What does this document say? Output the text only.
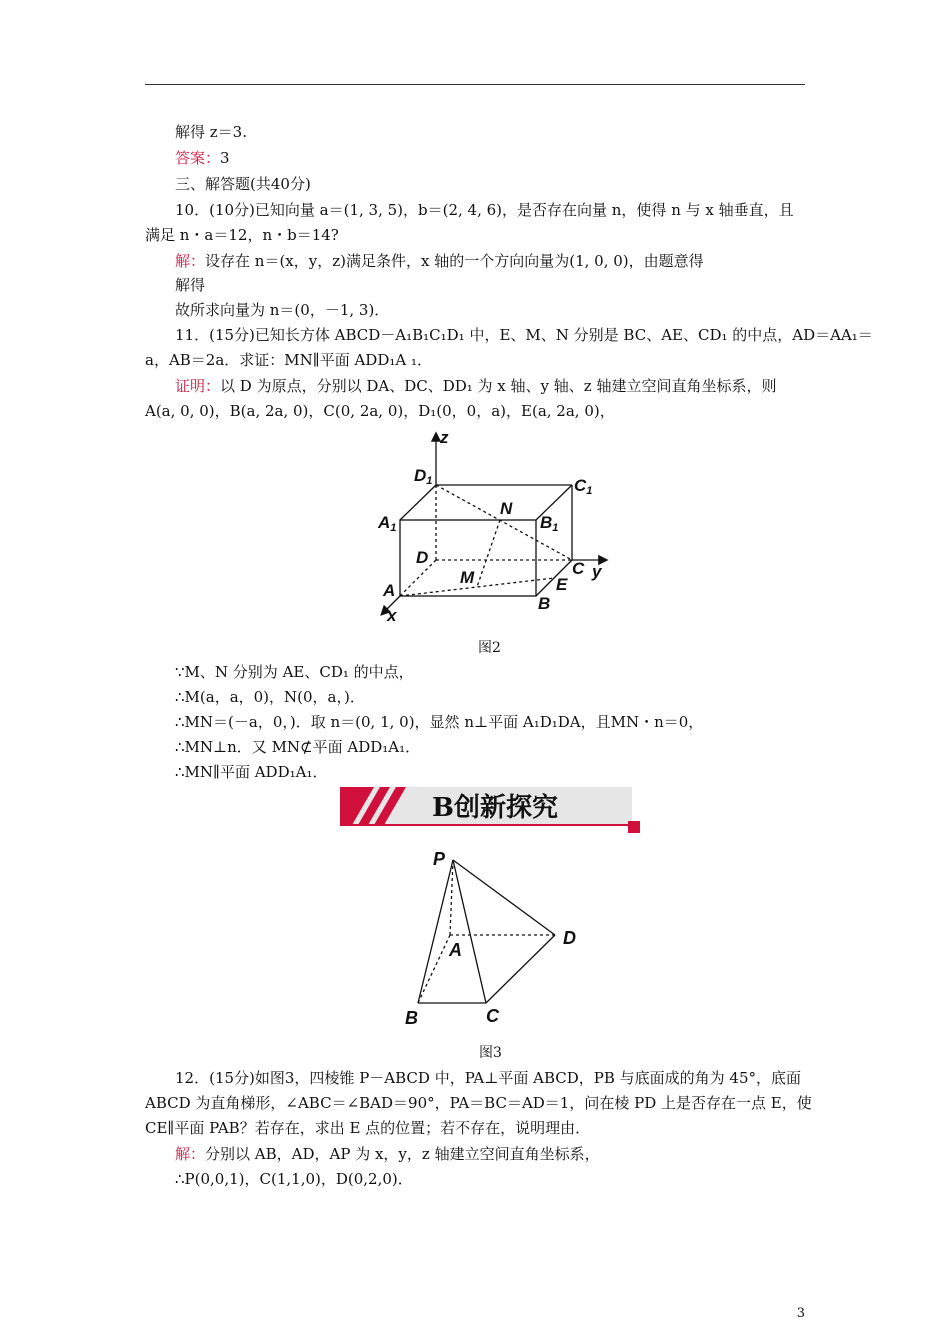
解得 z＝3.
答案：3
三、解答题(共40分)
10．(10分)已知向量 a＝(1, 3, 5)，b＝(2, 4, 6)，是否存在向量 n，使得 n 与 x 轴垂直，且
满足 n・a＝12，n・b＝14?
解：设存在 n＝(x，y，z)满足条件，x 轴的一个方向向量为(1, 0, 0)，由题意得
解得
故所求向量为 n＝(0，－1, 3)．
11．(15分)已知长方体 ABCD－A₁B₁C₁D₁ 中，E、M、N 分别是 BC、AE、CD₁ 的中点，AD＝AA₁＝
a，AB＝2a．求证：MN∥平面 ADD₁A ₁．
证明：以 D 为原点，分别以 DA、DC、DD₁ 为 x 轴、y 轴、z 轴建立空间直角坐标系，则
A(a, 0, 0)，B(a, 2a, 0)，C(0, 2a, 0)，D₁(0，0，a)，E(a, 2a, 0)，
z
D1	C1
N
A1	B1
D
C y
M	E
A
B
x
图2
∵M、N 分别为 AE、CD₁ 的中点，
∴M(a，a，0)，N(0，a，)．
∴MN＝(－a，0，)．取 n＝(0, 1, 0)，显然 n⊥平面 A₁D₁DA，且MN・n＝0，
∴MN⊥n．又 MN⊄平面 ADD₁A₁．
∴MN∥平面 ADD₁A₁．
B创新探究
P
A
D
B	C
图3
12．(15分)如图3，四棱锥 P－ABCD 中，PA⊥平面 ABCD，PB 与底面成的角为 45°，底面
ABCD 为直角梯形，∠ABC＝∠BAD＝90°，PA＝BC＝AD＝1，问在棱 PD 上是否存在一点 E，使
CE∥平面 PAB？若存在，求出 E 点的位置；若不存在，说明理由．
解：分别以 AB，AD，AP 为 x，y，z 轴建立空间直角坐标系，
∴P(0,0,1)，C(1,1,0)，D(0,2,0)．
3
